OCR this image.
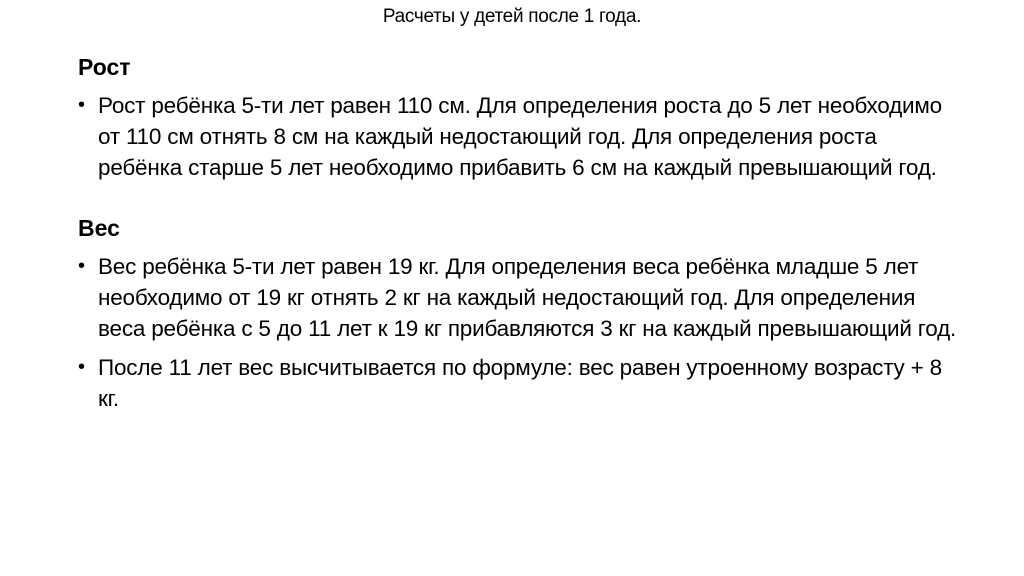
Расчеты у детей после 1 года.
Рост
• Рост ребёнка 5-ти лет равен 110 см. Для определения роста до 5 лет необходимо от 110 см отнять 8 см на каждый недостающий год. Для определения роста ребёнка старше 5 лет необходимо прибавить 6 см на каждый превышающий год.
Вес
• Вес ребёнка 5-ти лет равен 19 кг. Для определения веса ребёнка младше 5 лет необходимо от 19 кг отнять 2 кг на каждый недостающий год. Для определения веса ребёнка с 5 до 11 лет к 19 кг прибавляются 3 кг на каждый превышающий год.
• После 11 лет вес высчитывается по формуле: вес равен утроенному возрасту + 8 кг.
